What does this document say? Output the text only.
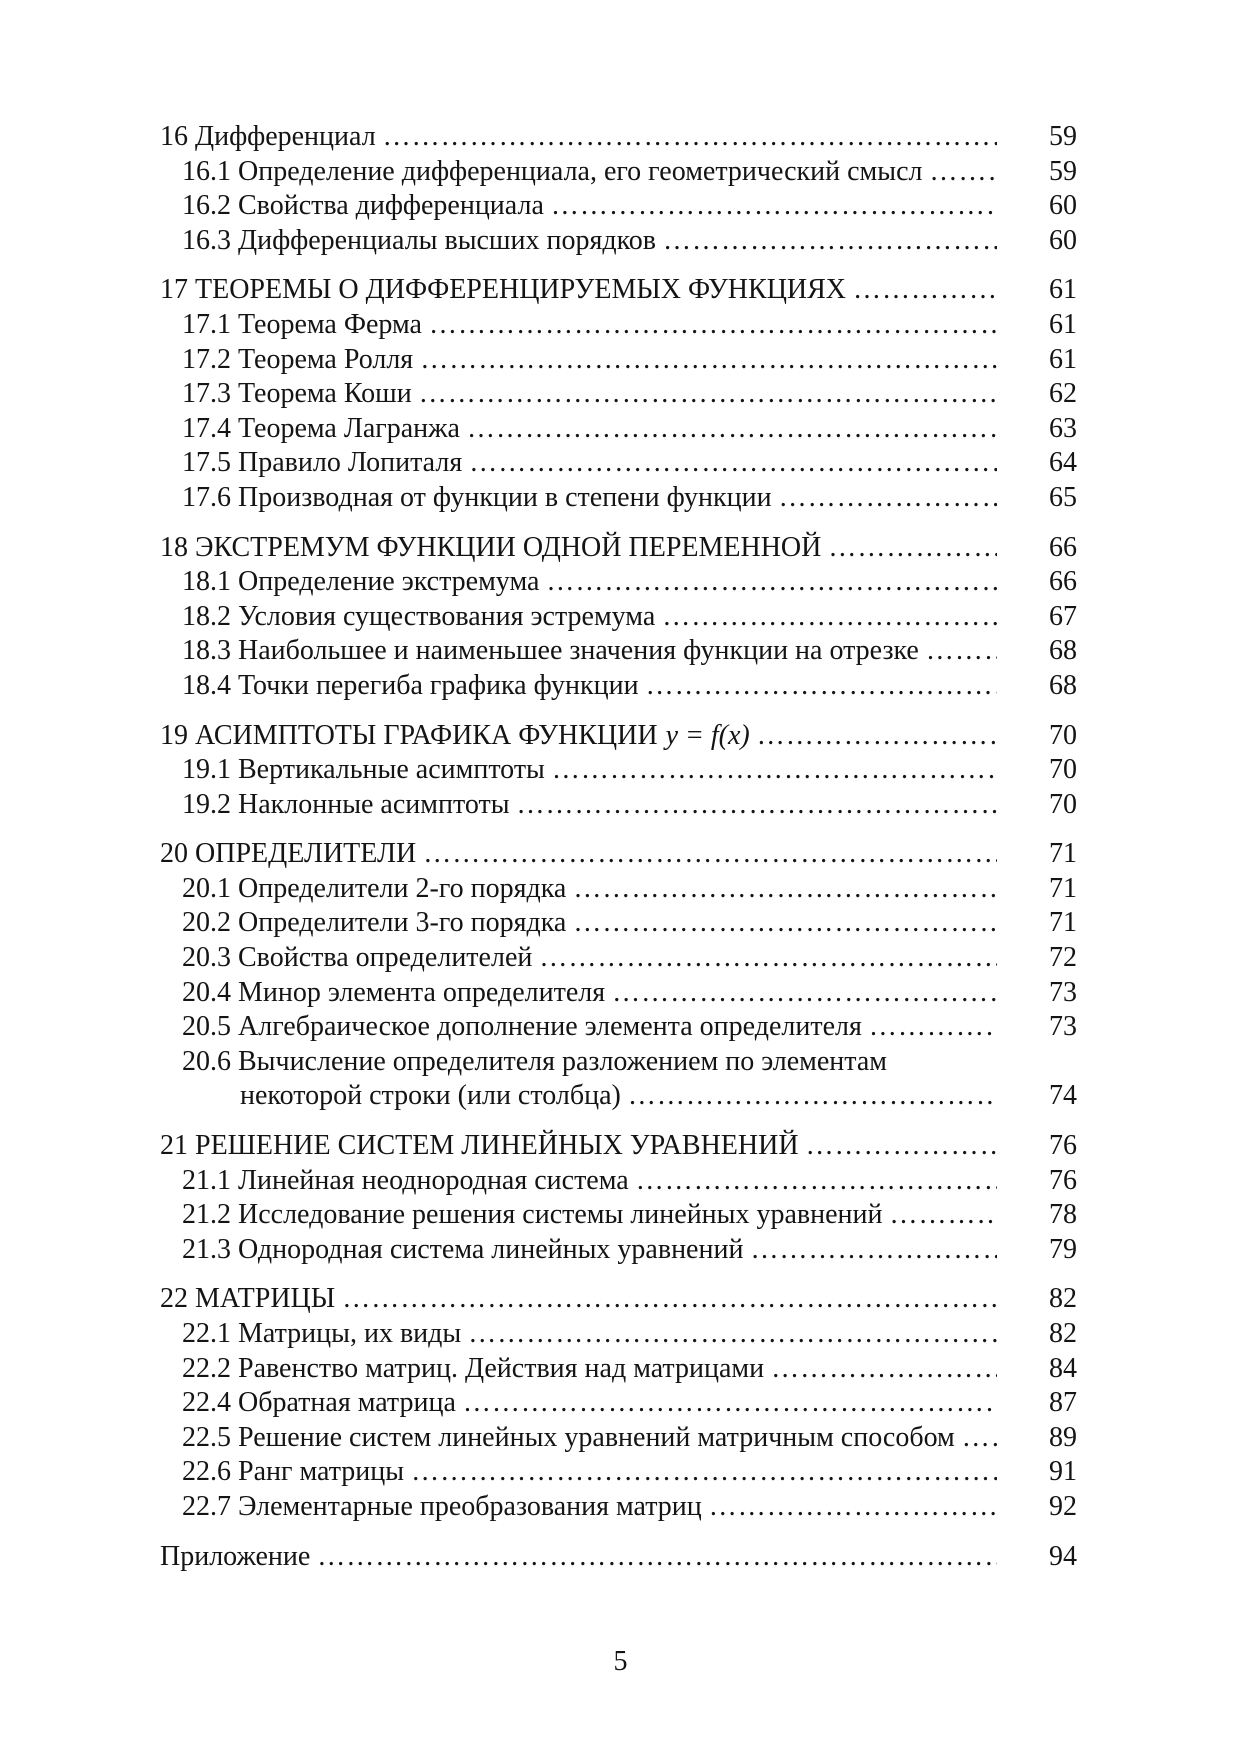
16 Дифференциал ………………………………………………………………………………………………………………………………………………	59
16.1 Определение дифференциала, его геометрический смысл ………………………………………………………………………………………………………………………………………………	59
16.2 Свойства дифференциала ………………………………………………………………………………………………………………………………………………	60
16.3 Дифференциалы высших порядков ………………………………………………………………………………………………………………………………………………	60
17 ТЕОРЕМЫ О ДИФФЕРЕНЦИРУЕМЫХ ФУНКЦИЯХ ………………………………………………………………………………………………………………………………………………	61
17.1 Теорема Ферма ………………………………………………………………………………………………………………………………………………	61
17.2 Теорема Ролля ………………………………………………………………………………………………………………………………………………	61
17.3 Теорема Коши ………………………………………………………………………………………………………………………………………………	62
17.4 Теорема Лагранжа ………………………………………………………………………………………………………………………………………………	63
17.5 Правило Лопиталя ………………………………………………………………………………………………………………………………………………	64
17.6 Производная от функции в степени функции ………………………………………………………………………………………………………………………………………………	65
18 ЭКСТРЕМУМ ФУНКЦИИ ОДНОЙ ПЕРЕМЕННОЙ ………………………………………………………………………………………………………………………………………………	66
18.1 Определение экстремума ………………………………………………………………………………………………………………………………………………	66
18.2 Условия существования эстремума ………………………………………………………………………………………………………………………………………………	67
18.3 Наибольшее и наименьшее значения функции на отрезке ………………………………………………………………………………………………………………………………………………	68
18.4 Точки перегиба графика функции ………………………………………………………………………………………………………………………………………………	68
19 АСИМПТОТЫ ГРАФИКА ФУНКЦИИ y = f(x) ………………………………………………………………………………………………………………………………………………	70
19.1 Вертикальные асимптоты ………………………………………………………………………………………………………………………………………………	70
19.2 Наклонные асимптоты ………………………………………………………………………………………………………………………………………………	70
20 ОПРЕДЕЛИТЕЛИ ………………………………………………………………………………………………………………………………………………	71
20.1 Определители 2-го порядка ………………………………………………………………………………………………………………………………………………	71
20.2 Определители 3-го порядка ………………………………………………………………………………………………………………………………………………	71
20.3 Свойства определителей ………………………………………………………………………………………………………………………………………………	72
20.4 Минор элемента определителя ………………………………………………………………………………………………………………………………………………	73
20.5 Алгебраическое дополнение элемента определителя ………………………………………………………………………………………………………………………………………………	73
20.6 Вычисление определителя разложением по элементам
некоторой строки (или столбца) ………………………………………………………………………………………………………………………………………………	74
21 РЕШЕНИЕ СИСТЕМ ЛИНЕЙНЫХ УРАВНЕНИЙ ………………………………………………………………………………………………………………………………………………	76
21.1 Линейная неоднородная система ………………………………………………………………………………………………………………………………………………	76
21.2 Исследование решения системы линейных уравнений ………………………………………………………………………………………………………………………………………………	78
21.3 Однородная система линейных уравнений ………………………………………………………………………………………………………………………………………………	79
22 МАТРИЦЫ ………………………………………………………………………………………………………………………………………………	82
22.1 Матрицы, их виды ………………………………………………………………………………………………………………………………………………	82
22.2 Равенство матриц. Действия над матрицами ………………………………………………………………………………………………………………………………………………	84
22.4 Обратная матрица ………………………………………………………………………………………………………………………………………………	87
22.5 Решение систем линейных уравнений матричным способом ………………………………………………………………………………………………………………………………………………	89
22.6 Ранг матрицы ………………………………………………………………………………………………………………………………………………	91
22.7 Элементарные преобразования матриц ………………………………………………………………………………………………………………………………………………	92
Приложение ………………………………………………………………………………………………………………………………………………	94
5
